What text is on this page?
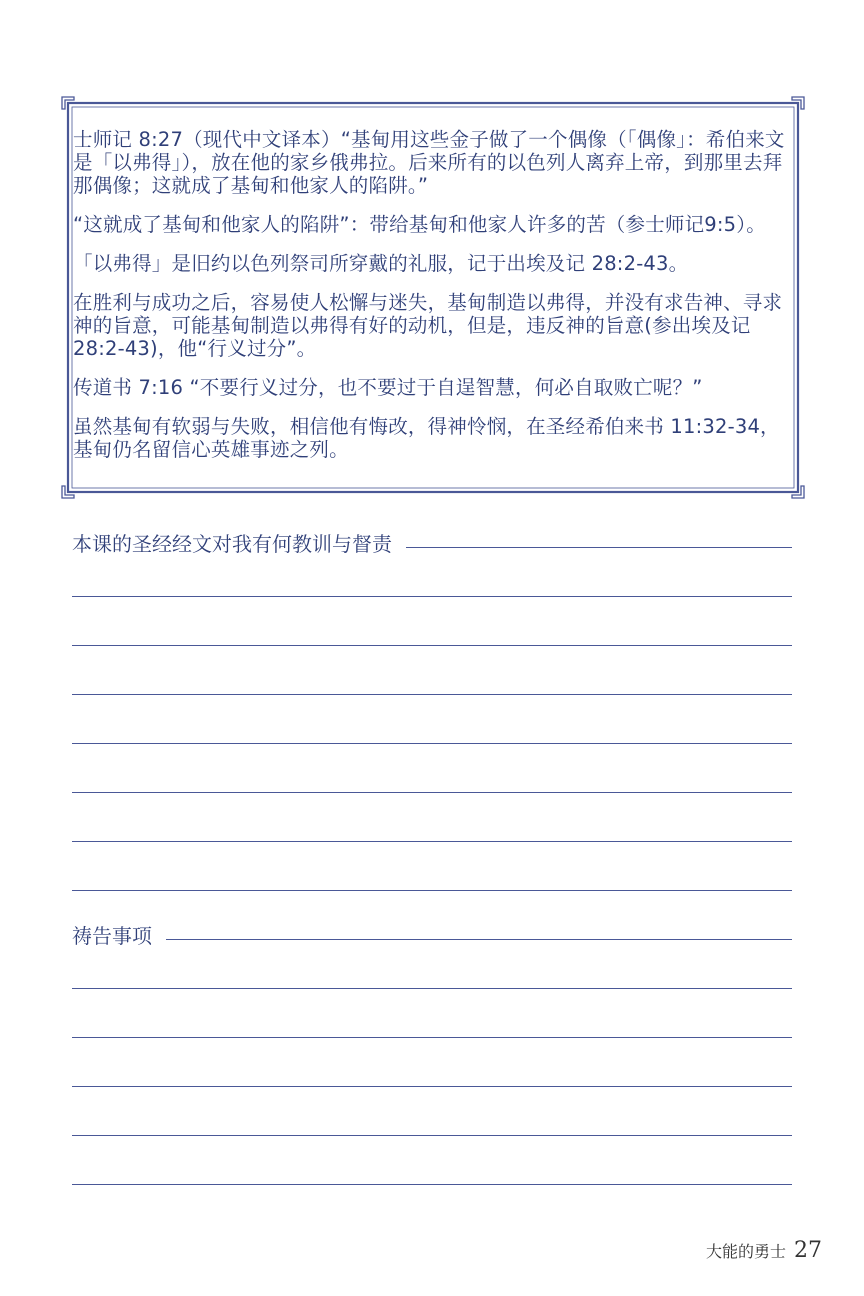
士师记 8:27（现代中文译本）“基甸用这些金子做了一个偶像（「偶像」：希伯来文是「以弗得」），放在他的家乡俄弗拉。后来所有的以色列人离弃上帝，到那里去拜那偶像；这就成了基甸和他家人的陷阱。”

“这就成了基甸和他家人的陷阱”：带给基甸和他家人许多的苦（参士师记9:5）。

「以弗得」是旧约以色列祭司所穿戴的礼服，记于出埃及记 28:2-43。

在胜利与成功之后，容易使人松懈与迷失，基甸制造以弗得，并没有求告神、寻求神的旨意，可能基甸制造以弗得有好的动机，但是，违反神的旨意(参出埃及记 28:2-43)，他“行义过分”。

传道书 7:16 “不要行义过分，也不要过于自逞智慧，何必自取败亡呢？”

虽然基甸有软弱与失败，相信他有悔改，得神怜悯，在圣经希伯来书 11:32-34，基甸仍名留信心英雄事迹之列。

本课的圣经经文对我有何教训与督责
祷告事项
大能的勇士 27
